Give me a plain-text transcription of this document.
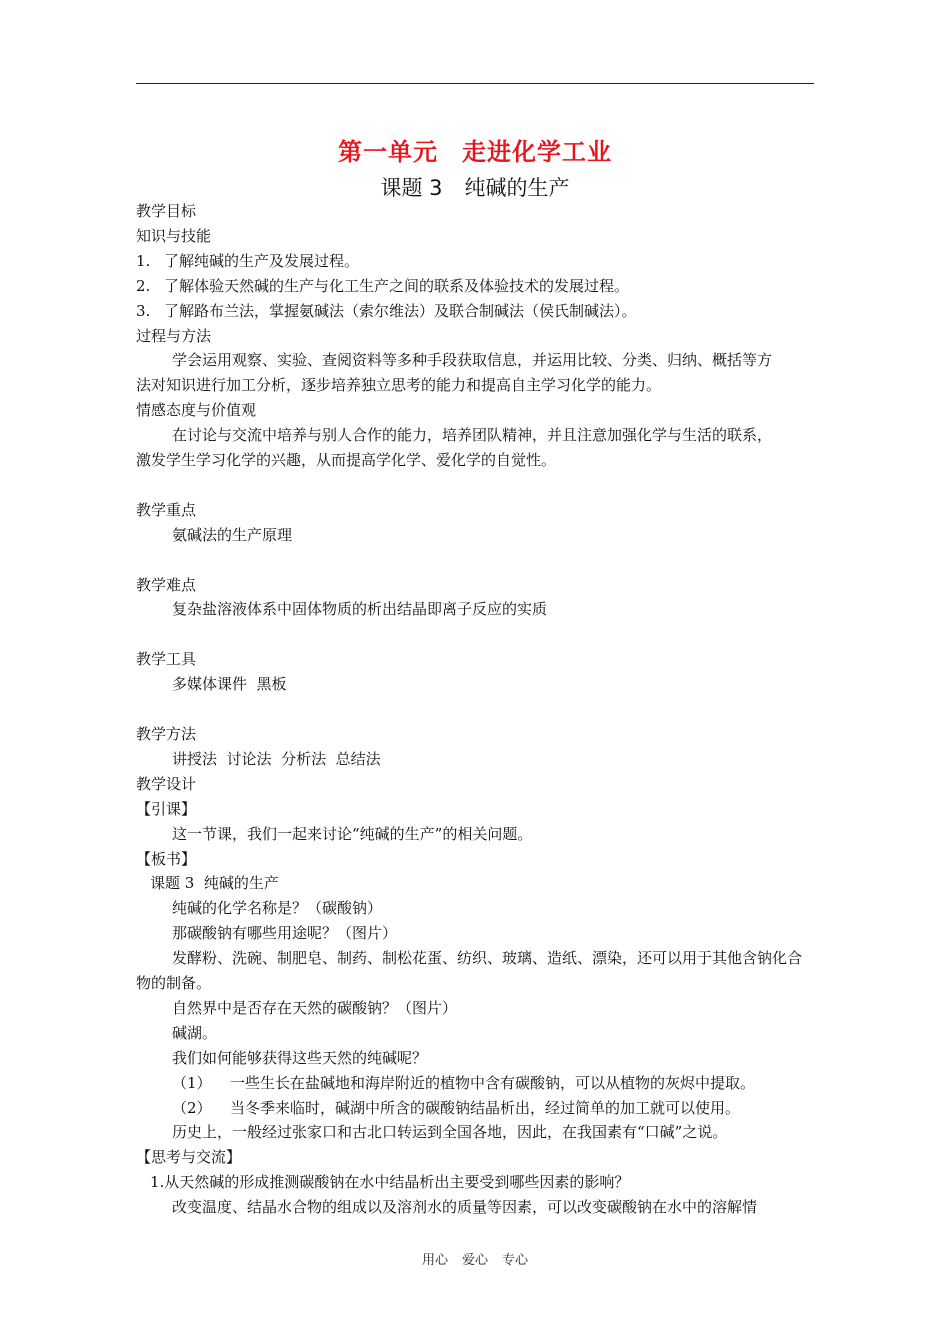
第一单元 走进化学工业
课题 3 纯碱的生产

教学目标

知识与技能

1. 了解纯碱的生产及发展过程。

2. 了解体验天然碱的生产与化工生产之间的联系及体验技术的发展过程。

3. 了解路布兰法，掌握氨碱法（索尔维法）及联合制碱法（侯氏制碱法）。

过程与方法

学会运用观察、实验、查阅资料等多种手段获取信息，并运用比较、分类、归纳、概括等方

法对知识进行加工分析，逐步培养独立思考的能力和提高自主学习化学的能力。

情感态度与价值观

在讨论与交流中培养与别人合作的能力，培养团队精神，并且注意加强化学与生活的联系，

激发学生学习化学的兴趣，从而提高学化学、爱化学的自觉性。

教学重点

氨碱法的生产原理

教学难点

复杂盐溶液体系中固体物质的析出结晶即离子反应的实质

教学工具

多媒体课件  黑板

教学方法

讲授法  讨论法  分析法  总结法

教学设计

【引课】

这一节课，我们一起来讨论“纯碱的生产”的相关问题。

【板书】

课题 3  纯碱的生产

纯碱的化学名称是？（碳酸钠）

那碳酸钠有哪些用途呢？（图片）

发酵粉、洗碗、制肥皂、制药、制松花蛋、纺织、玻璃、造纸、漂染，还可以用于其他含钠化合

物的制备。

自然界中是否存在天然的碳酸钠？（图片）

碱湖。

我们如何能够获得这些天然的纯碱呢？

（1） 一些生长在盐碱地和海岸附近的植物中含有碳酸钠，可以从植物的灰烬中提取。

（2） 当冬季来临时，碱湖中所含的碳酸钠结晶析出，经过简单的加工就可以使用。

历史上，一般经过张家口和古北口转运到全国各地，因此，在我国素有“口碱”之说。

【思考与交流】

1.从天然碱的形成推测碳酸钠在水中结晶析出主要受到哪些因素的影响？

改变温度、结晶水合物的组成以及溶剂水的质量等因素，可以改变碳酸钠在水中的溶解情

用心 爱心 专心
